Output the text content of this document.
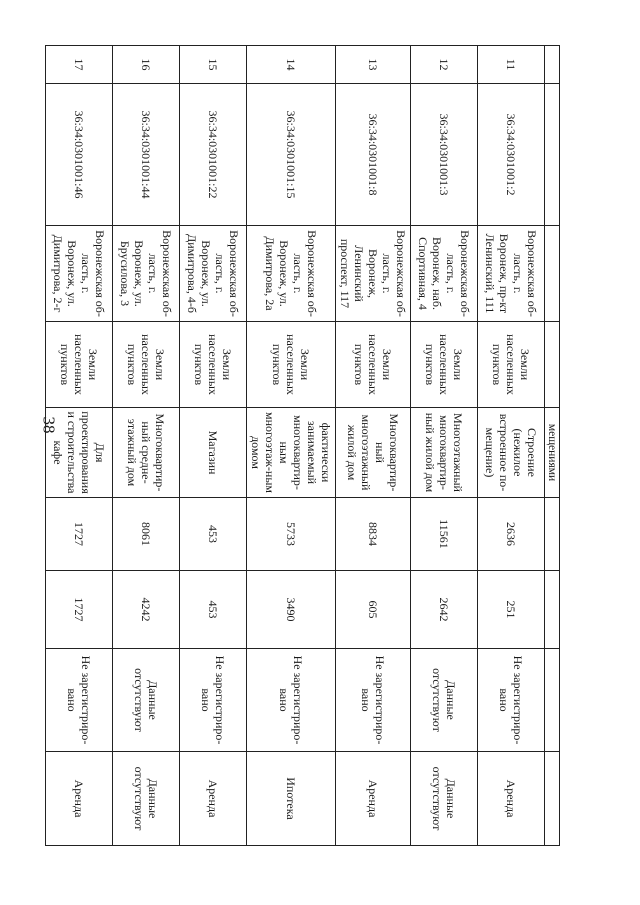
38
					мещениями				
11	36:34:0301001:2	Воронежская об-ласть, г. Воронеж, пр-кт Ленинский, 111	Земли населенных пунктов	Строение (нежилое встроенное по-мещение)	2636	251	Не зарегистриро-вано	Аренда
12	36:34:0301001:3	Воронежская об-ласть, г. Воронеж, наб. Спортивная, 4	Земли населенных пунктов	Многоэтажный многоквартир-ный жилой дом	11561	2642	Данные отсутствуют	Данные отсутствуют
13	36:34:0301001:8	Воронежская об-ласть, г. Воронеж, Ленинский проспект, 117	Земли населенных пунктов	Многоквартир-ный многоэтажный жилой дом	8834	605	Не зарегистриро-вано	Аренда
14	36:34:0301001:15	Воронежская об-ласть, г. Воронеж, ул. Димитрова, 2а	Земли населенных пунктов	фактически занимаемый многоквартир-ным многоэтаж-ным домом	5733	3490	Не зарегистриро-вано	Ипотека
15	36:34:0301001:22	Воронежская об-ласть, г. Воронеж, ул. Димитрова, 4-б	Земли населенных пунктов	Магазин	453	453	Не зарегистриро-вано	Аренда
16	36:34:0301001:44	Воронежская об-ласть, г. Воронеж, ул. Брусилова, 3	Земли населенных пунктов	Многоквартир-ный средне-этажный дом	8061	4242	Данные отсутствуют	Данные отсутствуют
17	36:34:0301001:46	Воронежская об-ласть, г. Воронеж, ул. Димитрова, 2-г	Земли населенных пунктов	Для проектирования и строительства кафе	1727	1727	Не зарегистриро-вано	Аренда
